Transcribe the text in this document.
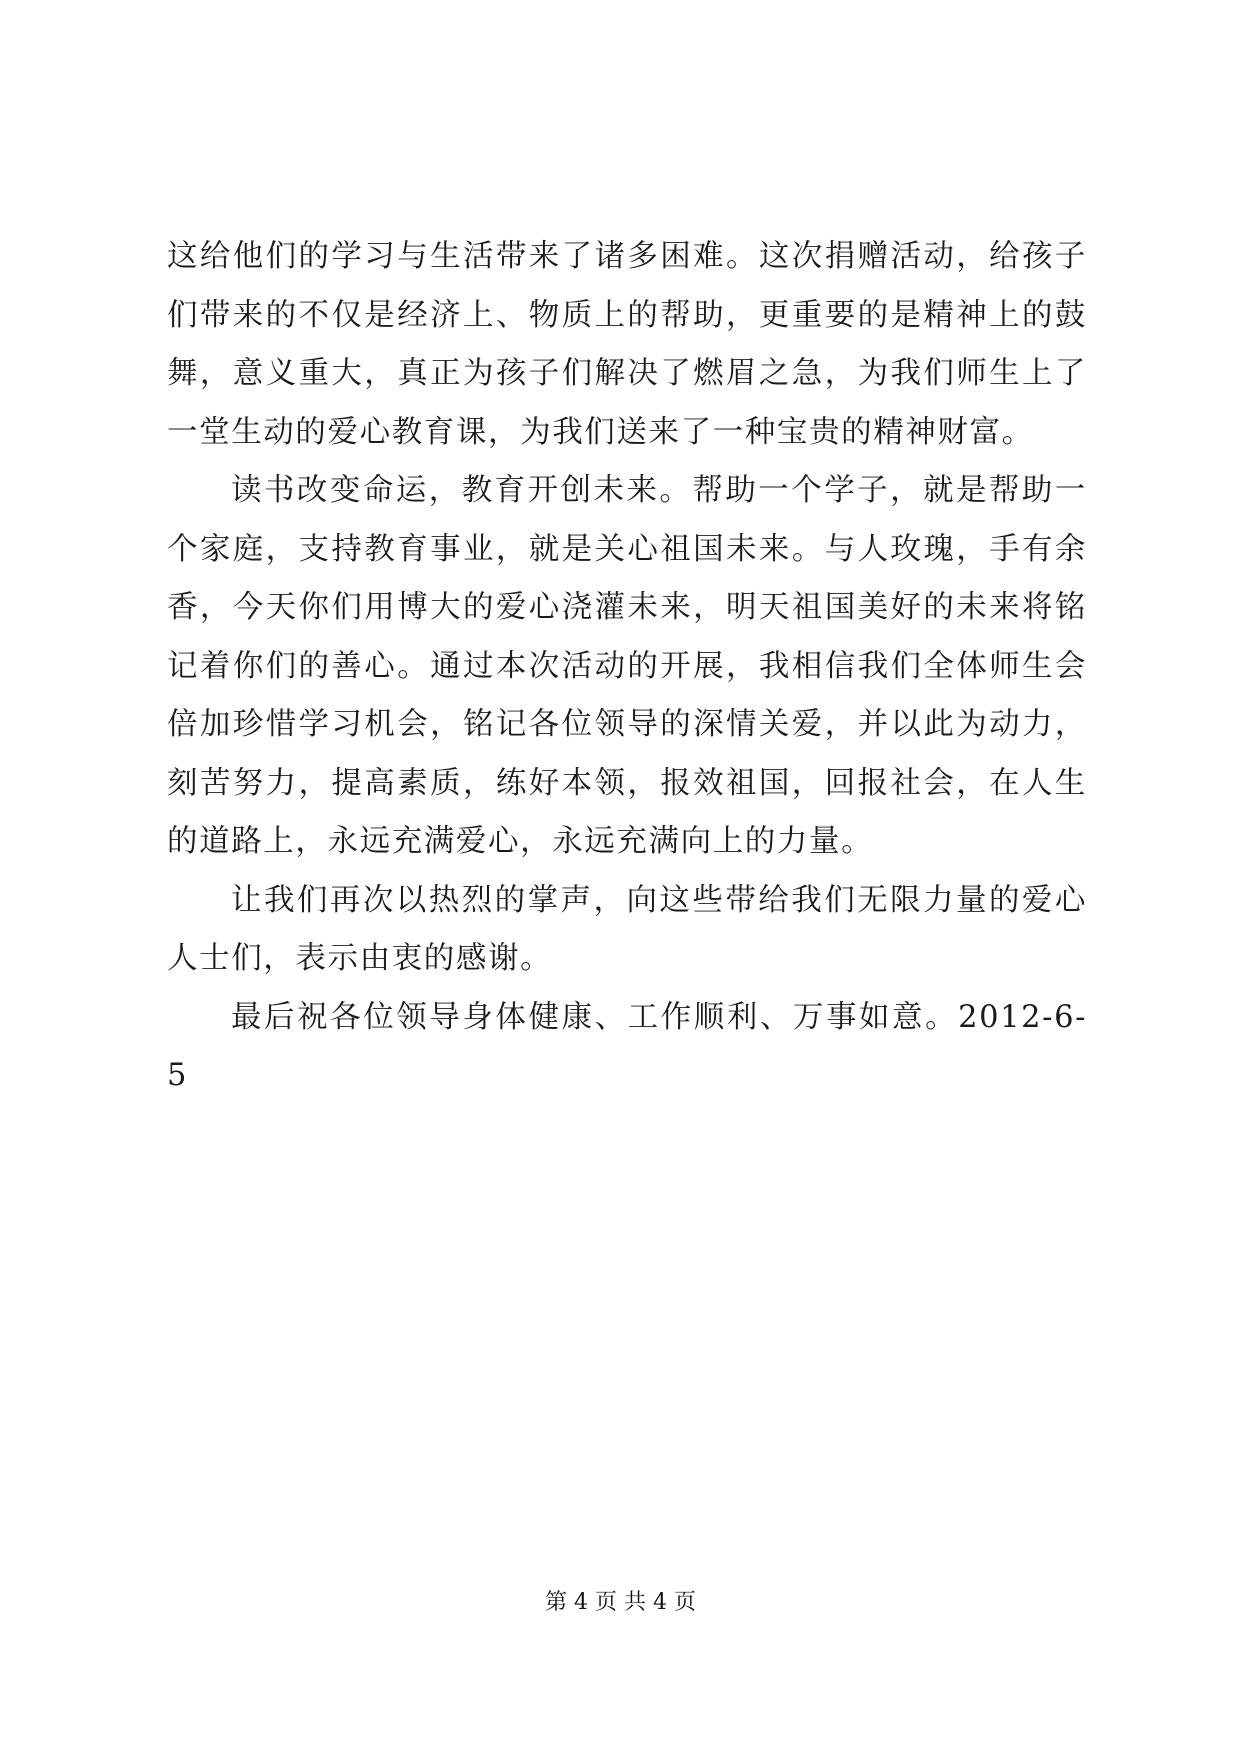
这给他们的学习与生活带来了诸多困难。这次捐赠活动，给孩子们带来的不仅是经济上、物质上的帮助，更重要的是精神上的鼓舞，意义重大，真正为孩子们解决了燃眉之急，为我们师生上了一堂生动的爱心教育课，为我们送来了一种宝贵的精神财富。

读书改变命运，教育开创未来。帮助一个学子，就是帮助一个家庭，支持教育事业，就是关心祖国未来。与人玫瑰，手有余香，今天你们用博大的爱心浇灌未来，明天祖国美好的未来将铭记着你们的善心。通过本次活动的开展，我相信我们全体师生会倍加珍惜学习机会，铭记各位领导的深情关爱，并以此为动力，刻苦努力，提高素质，练好本领，报效祖国，回报社会，在人生的道路上，永远充满爱心，永远充满向上的力量。

让我们再次以热烈的掌声，向这些带给我们无限力量的爱心人士们，表示由衷的感谢。

最后祝各位领导身体健康、工作顺利、万事如意。2012-6-5

第 4 页 共 4 页
